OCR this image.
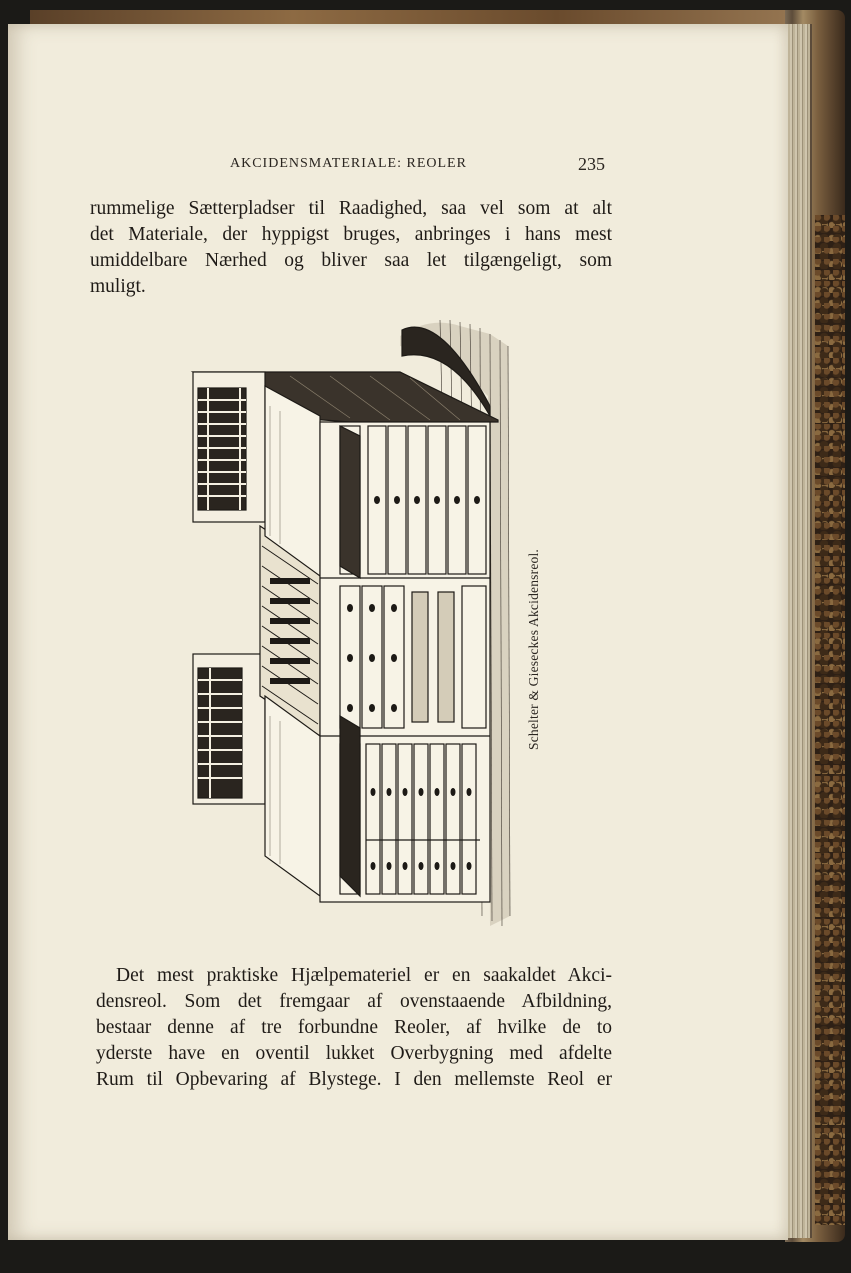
AKCIDENSMATERIALE: REOLER	235

rummelige Sætterpladser til Raadighed, saa vel som at alt
det Materiale, der hyppigst bruges, anbringes i hans mest
umiddelbare Nærhed og bliver saa let tilgængeligt, som
muligt.

Schelter & Gieseckes Akcidensreol.

Det mest praktiske Hjælpemateriel er en saakaldet Akci-
densreol. Som det fremgaar af ovenstaaende Afbildning,
bestaar denne af tre forbundne Reoler, af hvilke de to
yderste have en oventil lukket Overbygning med afdelte
Rum til Opbevaring af Blystege. I den mellemste Reol er
